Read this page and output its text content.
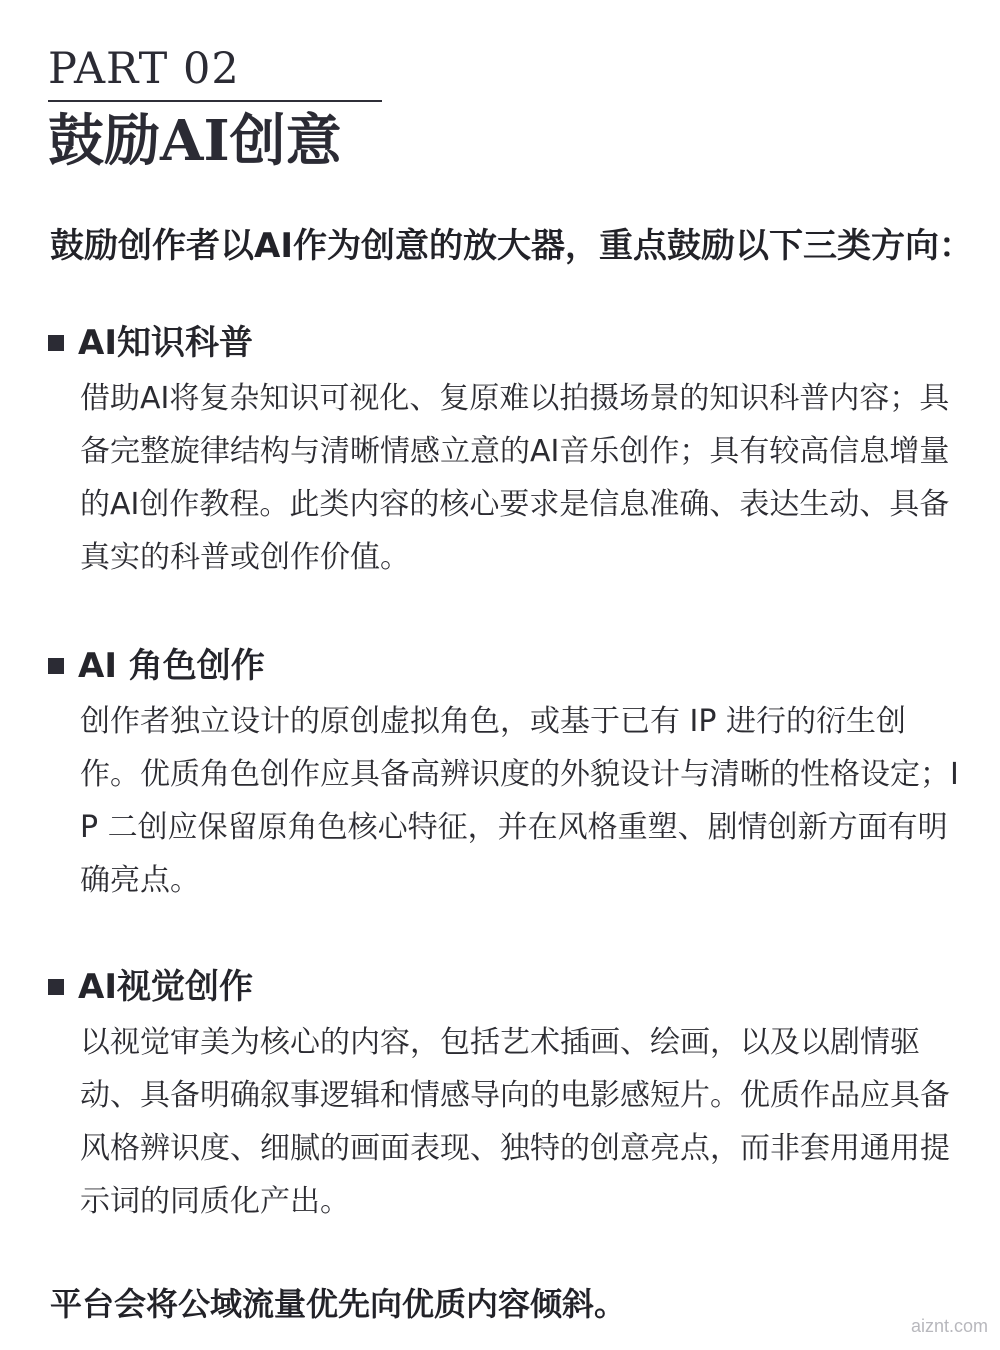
PART 02
鼓励AI创意
鼓励创作者以AI作为创意的放大器，重点鼓励以下三类方向：
AI知识科普
借助AI将复杂知识可视化、复原难以拍摄场景的知识科普内容；具备完整旋律结构与清晰情感立意的AI音乐创作；具有较高信息增量的AI创作教程。此类内容的核心要求是信息准确、表达生动、具备真实的科普或创作价值。
AI 角色创作
创作者独立设计的原创虚拟角色，或基于已有 IP 进行的衍生创作。优质角色创作应具备高辨识度的外貌设计与清晰的性格设定；IP 二创应保留原角色核心特征，并在风格重塑、剧情创新方面有明确亮点。
AI视觉创作
以视觉审美为核心的内容，包括艺术插画、绘画，以及以剧情驱动、具备明确叙事逻辑和情感导向的电影感短片。优质作品应具备风格辨识度、细腻的画面表现、独特的创意亮点，而非套用通用提示词的同质化产出。
平台会将公域流量优先向优质内容倾斜。
aiznt.com
